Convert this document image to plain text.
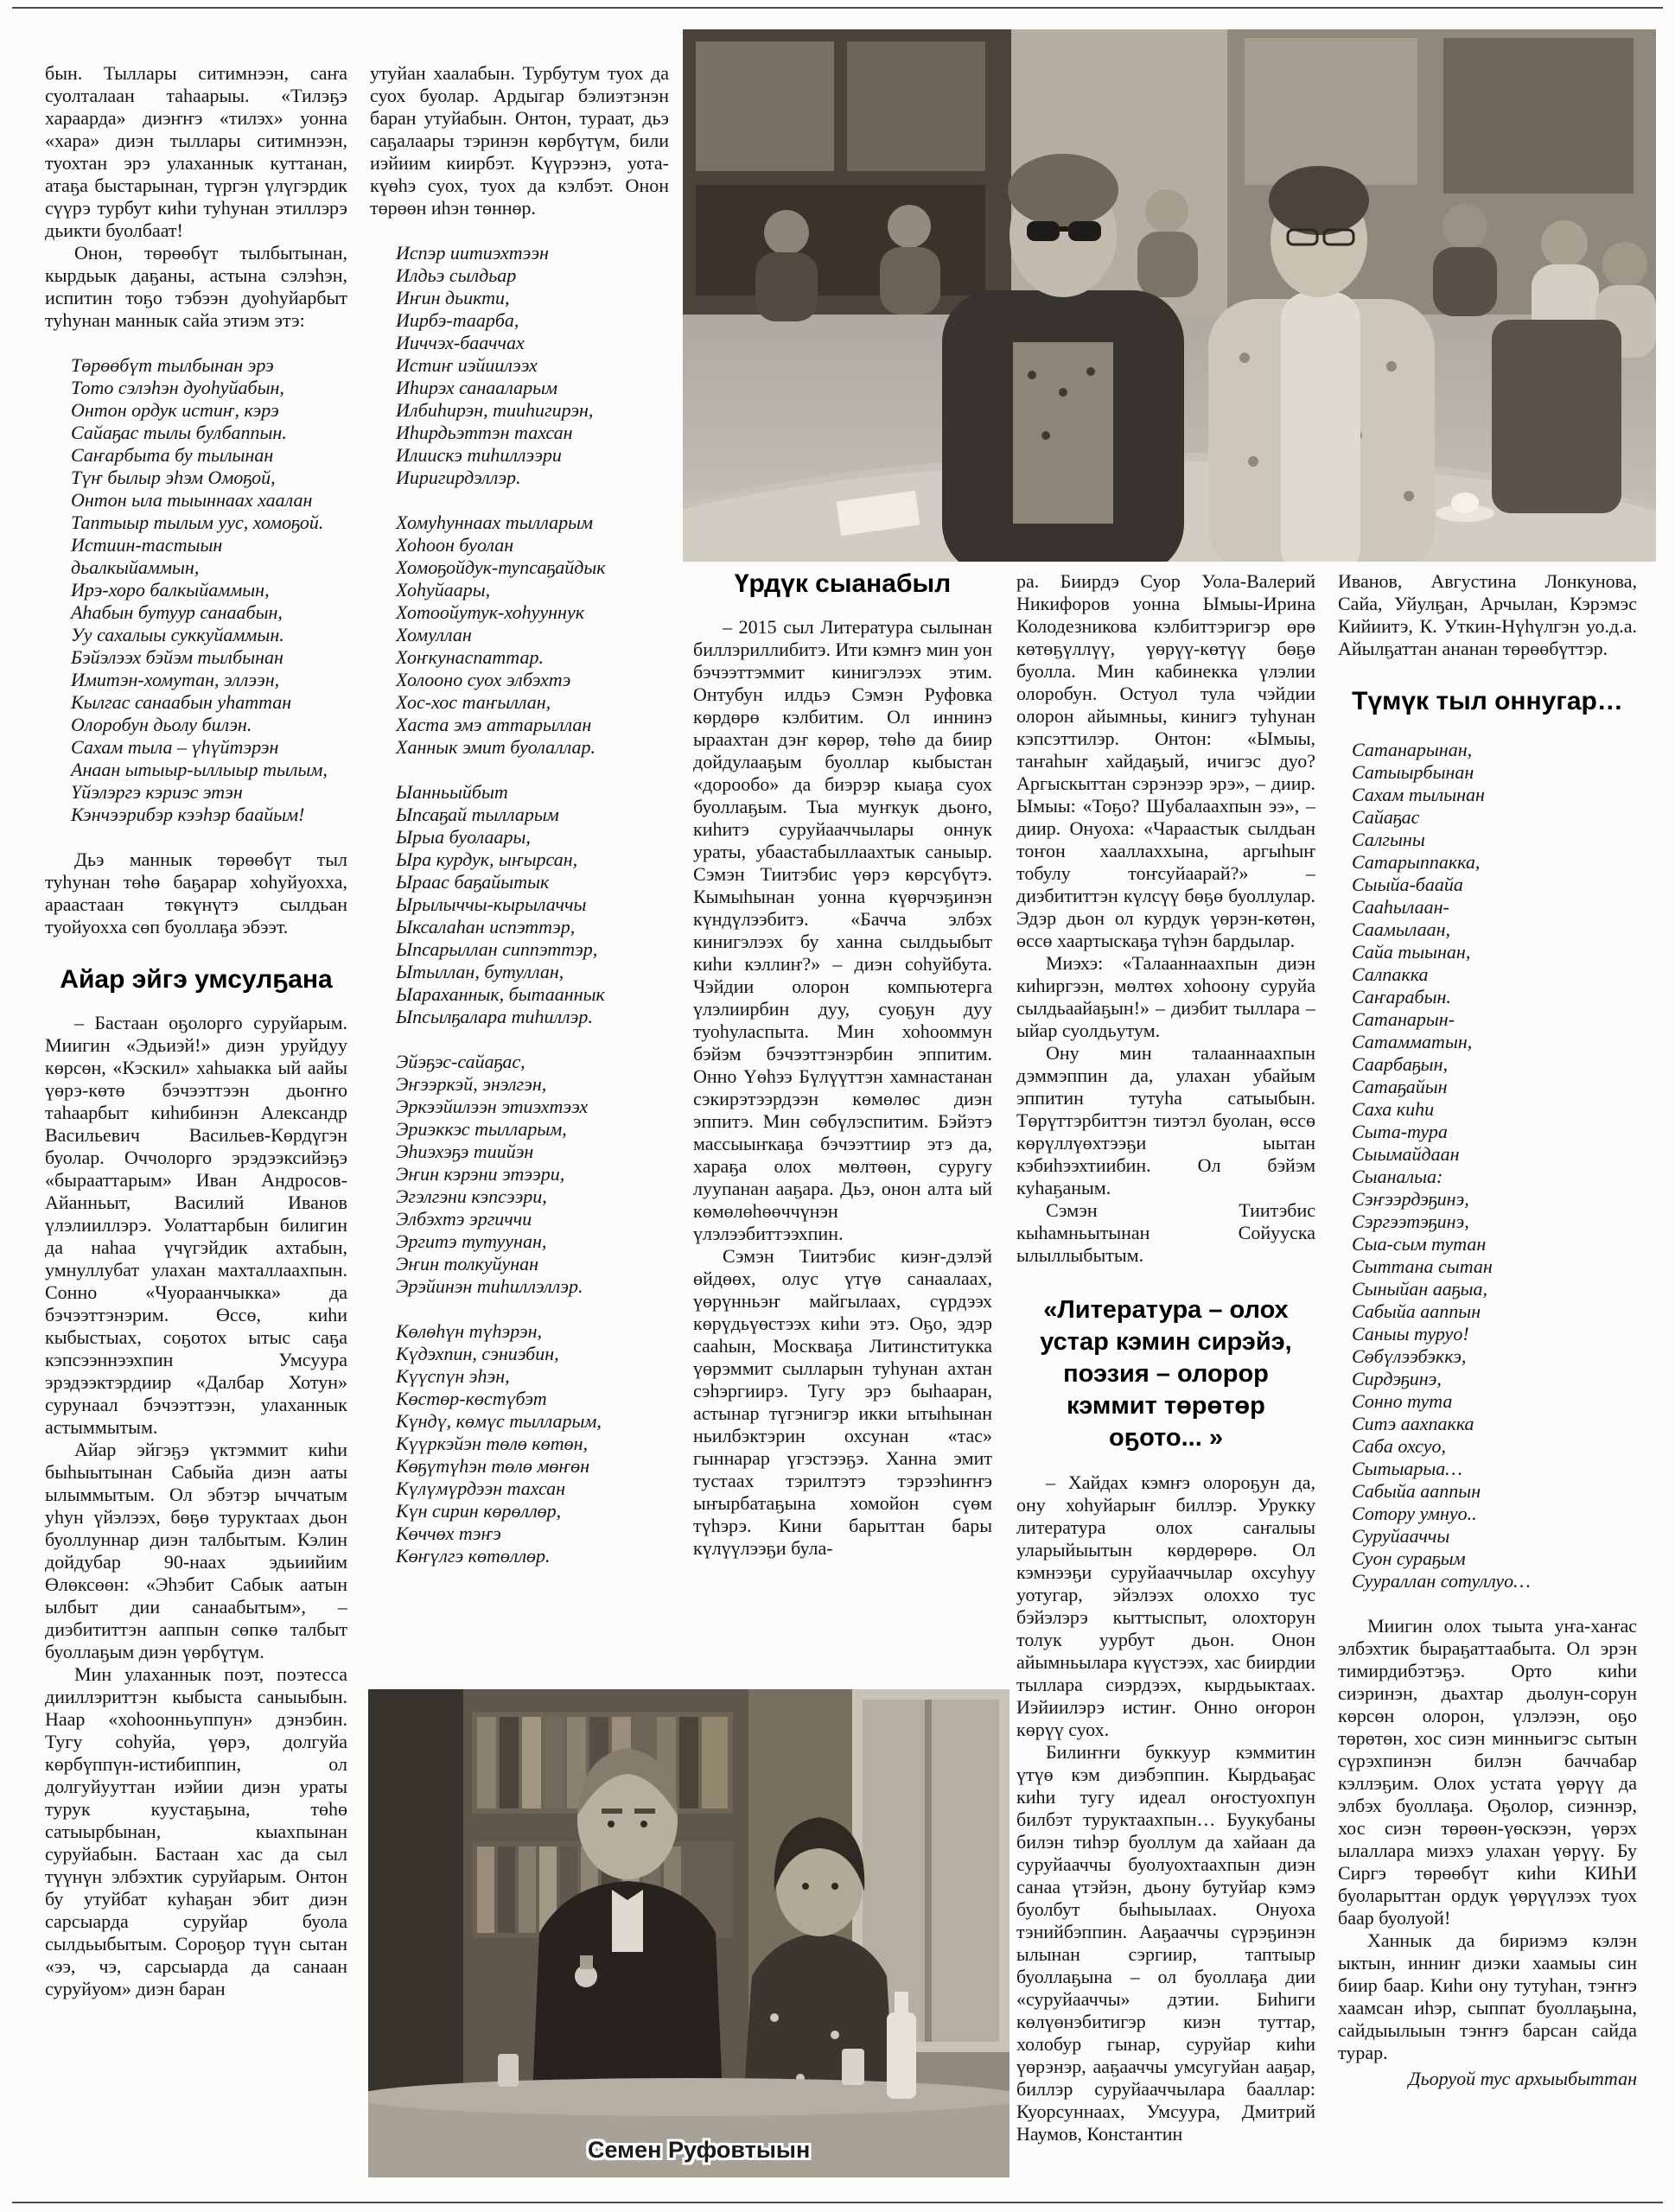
бын. Тыллары ситимнээн, саҥа суолталаан таһаарыы. «Тилэҕэ хараарда» диэҥҥэ «тилэх» уонна «хара» диэн тыллары ситимнээн, туохтан эрэ улаханнык куттанан, атаҕа быстарынан, түргэн үлүгэрдик сүүрэ турбут киһи туһунан этиллэрэ дьикти буолбаат!

Онон, төрөөбүт тылбытынан, кырдьык даҕаны, астына сэлэһэн, испитин тоҕо тэбээн дуоһуйарбыт туһунан маннык сайа этиэм этэ:

Төрөөбүт тылбынан эрэ
Тото сэлэһэн дуоһуйабын,
Онтон ордук истиҥ, кэрэ
Сайаҕас тылы булбаппын.
Саҥарбыта бу тылынан
Түҥ былыр эһэм Омоҕой,
Онтон ыла тыыннаах хаалан
Таптыыр тылым уус, хомоҕой.
Истиин-тастыын дьалкыйаммын,
Ирэ-хоро балкыйаммын,
Аһабын бутуур санаабын,
Уу сахалыы суккуйаммын.
Бэйэлээх бэйэм тылбынан
Имитэн-хомутан, эллээн,
Кылгас санаабын уһаттан
Олоробун дьолу билэн.
Сахам тыла – үһүйтэрэн
Анаан ытыыр-ыллыыр тылым,
Үйэлэргэ кэриэс этэн
Кэнчээрибэр кээһэр баайым!

Дьэ маннык төрөөбүт тыл туһунан төһө баҕарар хоһуйуохха, араастаан төкүнүтэ сылдьан туойуохха сөп буоллаҕа эбээт.

Айар эйгэ умсулҕана

– Бастаан оҕолорго суруйарым. Миигин «Эдьиэй!» диэн уруйдуу көрсөн, «Кэскил» хаһыакка ый аайы үөрэ-көтө бэчээттээн дьоҥҥо таһаарбыт киһибинэн Александр Васильевич Васильев-Көрдүгэн буолар. Оччолорго эрэдээксийэҕэ «бырааттарым» Иван Андросов-Айанньыт, Василий Иванов үлэлииллэрэ. Уолаттарбын билигин да наһаа үчүгэйдик ахтабын, умнуллубат улахан махталлаахпын. Сонно «Чуораанчыкка» да бэчээттэнэрим. Өссө, киһи кыбыстыах, соҕотох ытыс саҕа кэпсээннээхпин Умсуура эрэдээктэрдиир «Далбар Хотун» сурунаал бэчээттээн, улаханнык астыммытым.

Айар эйгэҕэ үктэммит киһи быһыытынан Сабыйа диэн ааты ылыммытым. Ол эбэтэр ыччатым уһун үйэлээх, бөҕө туруктаах дьон буоллуннар диэн талбытым. Кэлин дойдубар 90-наах эдьиийим Өлөксөөн: «Эһэбит Сабык аатын ылбыт дии санаабытым», – диэбититтэн ааппын сөпкө талбыт буоллаҕым диэн үөрбүтүм.

Мин улаханнык поэт, поэтесса дииллэриттэн кыбыста саныыбын. Наар «хоһоонньуппун» дэнэбин. Тугу соһуйа, үөрэ, долгуйа көрбүппүн-истибиппин, ол долгуйууттан иэйии диэн ураты турук куустаҕына, төһө сатыырбынан, кыахпынан суруйабын. Бастаан хас да сыл түүнүн элбэхтик суруйарым. Онтон бу утуйбат куһаҕан эбит диэн сарсыарда суруйар буола сылдьыбытым. Сороҕор түүн сытан «ээ, чэ, сарсыарда да санаан суруйуом» диэн баран

утуйан хаалабын. Турбутум туох да суох буолар. Ардыгар бэлиэтэнэн баран утуйабын. Онтон, тураат, дьэ саҕалаары тэринэн көрбүтүм, били иэйиим киирбэт. Күүрээнэ, уота-күөһэ суох, туох да кэлбэт. Онон төрөөн иһэн төннөр.

Испэр иитиэхтээн
Илдьэ сылдьар
Иҥин дьикти,
Иирбэ-таарба,
Ииччэх-бааччах
Истиҥ иэйиилээх
Иһирэх санааларым
Илбиһирэн, тииһигирэн,
Иһирдьэттэн тахсан
Илиискэ тиһиллээри
Ииригирдэллэр.
Хомуһуннаах тылларым
Хоһоон буолан
Хомоҕойдук-тупсаҕайдык
Хоһуйаары,
Хотоойутук-хоһууннук
Хомуллан
Хоҥкунаспаттар.
Холооно суох элбэхтэ
Хос-хос таҥыллан,
Хаста эмэ аттарыллан
Ханнык эмит буолаллар.
Ыанньыйбыт
Ыпсаҕай тылларым
Ырыа буолаары,
Ыра курдук, ыҥырсан,
Ыраас баҕайытык
Ырылыччы-кырылаччы
Ыксалаһан испэттэр,
Ыпсарыллан сиппэттэр,
Ытыллан, бутуллан,
Ыараханнык, бытааннык
Ыпсылҕалара тиһиллэр.
Эйэҕэс-сайаҕас,
Эҥээркэй, энэлгэн,
Эркээйилээн этиэхтээх
Эриэккэс тылларым,
Эһиэхэҕэ тиийэн
Эҥин кэрэни этээри,
Эгэлгэни кэпсээри,
Элбэхтэ эргиччи
Эргитэ тутуунан,
Эҥин толкуйунан
Эрэйинэн тиһиллэллэр.
Көлөһүн түһэрэн,
Күдэхпин, сэниэбин,
Күүспүн эһэн,
Көстөр-көстүбэт
Күндү, көмүс тылларым,
Күүркэйэн төлө көтөн,
Көҕүтүһэн төлө мөҥөн
Күлүмүрдээн тахсан
Күн сирин көрөллөр,
Көччөх тэҥэ
Көҥүлгэ көтөллөр.
Үрдүк сыанабыл

– 2015 сыл Литература сылынан биллэриллибитэ. Ити кэмҥэ мин уон бэчээттэммит кинигэлээх этим. Онтубун илдьэ Сэмэн Руфовка көрдөрө кэлбитим. Ол иннинэ ыраахтан дэҥ көрөр, төһө да биир дойдулааҕым буоллар кыбыстан «дорообо» да биэрэр кыаҕа суох буоллаҕым. Тыа муҥкук дьоҥо, киһитэ суруйааччылары оннук ураты, убаастабыллаахтык саныыр. Сэмэн Тиитэбис үөрэ көрсүбүтэ. Кымыһынан уонна күөрчэҕинэн күндүлээбитэ. «Бачча элбэх кинигэлээх бу ханна сылдьыбыт киһи кэллиҥ?» – диэн соһуйбута. Чэйдии олорон компьютерга үлэлиирбин дуу, суоҕун дуу туоһуласпыта. Мин хоһооммун бэйэм бэчээттэнэрбин эппитим. Онно Үөһээ Бүлүүттэн хамнастанан сэкирэтээрдээн көмөлөс диэн эппитэ. Мин сөбүлэспитим. Бэйэтэ массыыҥкаҕа бэчээттиир этэ да, хараҕа олох мөлтөөн, суругу луупанан ааҕара. Дьэ, онон алта ый көмөлөһөөччүнэн үлэлээбиттээхпин.

Сэмэн Тиитэбис киэҥ-дэлэй өйдөөх, олус үтүө санаалаах, үөрүнньэҥ майгылаах, сүрдээх көрүдьүөстээх киһи этэ. Оҕо, эдэр сааһын, Москваҕа Литинститукка үөрэммит сылларын туһунан ахтан сэһэргиирэ. Тугу эрэ быһааран, астынар түгэнигэр икки ытыһынан ньилбэктэрин охсунан «тас» гыннарар үгэстээҕэ. Ханна эмит тустаах тэрилтэтэ тэрээһиҥҥэ ыҥырбатаҕына хомойон сүөм түһэрэ. Кини барыттан бары күлүүлээҕи була-

ра. Биирдэ Суор Уола-Валерий Никифоров уонна Ымыы-Ирина Колодезникова кэлбиттэригэр өрө көтөҕүллүү, үөрүү-көтүү бөҕө буолла. Мин кабинекка үлэлии олоробун. Остуол тула чэйдии олорон айымньы, кинигэ туһунан кэпсэттилэр. Онтон: «Ымыы, таҥаһыҥ хайдаҕый, ичигэс дуо? Аргыскыттан сэрэнээр эрэ», – диир. Ымыы: «Тоҕо? Шубалаахпын ээ», – диир. Онуоха: «Чараастык сылдьан тоҥон хааллаххына, аргыһыҥ тобулу тоҥсуйаарай?» – диэбититтэн күлсүү бөҕө буоллулар. Эдэр дьон ол курдук үөрэн-көтөн, өссө хаартыскаҕа түһэн бардылар.

Миэхэ: «Талааннаахпын диэн киһиргээн, мөлтөх хоһоону суруйа сылдьаайаҕын!» – диэбит тыллара – ыйар суолдьутум.

Ону мин талааннаахпын дэммэппин да, улахан убайым эппитин тутуһа сатыыбын. Төрүттэрбиттэн тиэтэл буолан, өссө көрүллүөхтээҕи ыытан кэбиһээхтиибин. Ол бэйэм куһаҕаным.

Сэмэн Тиитэбис кыһамньытынан Сойууска ылыллыбытым.

«Литература – олох устар кэмин сирэйэ, поэзия – олорор кэммит төрөтөр оҕото... »

– Хайдах кэмҥэ олороҕун да, ону хоһуйарыҥ биллэр. Урукку литература олох саҥалыы уларыйыытын көрдөрөрө. Ол кэмнээҕи суруйааччылар охсуһуу уотугар, эйэлээх олоххо тус бэйэлэрэ кыттыспыт, олохторун толук уурбут дьон. Онон айымньылара күүстээх, хас биирдии тыллара сиэрдээх, кырдьыктаах. Иэйиилэрэ истиҥ. Онно оҥорон көрүү суох.

Билиҥҥи буккуур кэммитин үтүө кэм диэбэппин. Кырдьаҕас киһи тугу идеал оҥостуохпун билбэт туруктаахпын… Буукубаны билэн тиһэр буоллум да хайаан да суруйааччы буолуохтаахпын диэн санаа үтэйэн, дьону бутуйар кэмэ буолбут быһыылаах. Онуоха тэнийбэппин. Ааҕааччы сүрэҕинэн ылынан сэргиир, таптыыр буоллаҕына – ол буоллаҕа дии «суруйааччы» дэтии. Биһиги көлүөнэбитигэр киэн туттар, холобур гынар, суруйар киһи үөрэнэр, ааҕааччы умсугуйан ааҕар, биллэр суруйааччылара бааллар: Куорсуннаах, Умсуура, Дмитрий Наумов, Константин

Иванов, Августина Лонкунова, Сайа, Уйулҕан, Арчылан, Кэрэмэс Кийиитэ, К. Уткин-Нүһүлгэн уо.д.а. Айылҕаттан ананан төрөөбүттэр.

Түмүк тыл оннугар…
Сатанарынан,
Сатыырбынан
Сахам тылынан
Сайаҕас
Салгыны
Сатарыппакка,
Сыыйа-баайа
Сааһылаан-
Саамылаан,
Сайа тыынан,
Салпакка
Саҥарабын.
Сатанарын-
Сатамматын,
Саарбаҕын,
Сатаҕайын
Саха киһи
Сыта-тура
Сыымайдаан
Сыаналыа:
Сэҥээрдэҕинэ,
Сэргээтэҕинэ,
Сыа-сым тутан
Сыттана сытан
Сыныйан ааҕыа,
Сабыйа ааппын
Саныы туруо!
Сөбүлээбэккэ,
Сирдэҕинэ,
Сонно тута
Ситэ аахпакка
Саба охсуо,
Сытыарыа…
Сабыйа ааппын
Сотору умнуо..
Суруйааччы
Суон сураҕым
Суураллан сотуллуо…

Миигин олох тыыта уҥа-хаҥас элбэхтик быраҕаттаабыта. Ол эрэн тимирдибэтэҕэ. Орто киһи сиэринэн, дьахтар дьолун-сорун көрсөн олорон, үлэлээн, оҕо төрөтөн, хос сиэн минньигэс сытын сүрэхпинэн билэн баччабар кэллэҕим. Олох устата үөрүү да элбэх буоллаҕа. Оҕолор, сиэннэр, хос сиэн төрөөн-үөскээн, үөрэх ылаллара миэхэ улахан үөрүү. Бу Сиргэ төрөөбүт киһи КИҺИ буоларыттан ордук үөрүүлээх туох баар буолуой!

Ханнык да бириэмэ кэлэн ыктын, инниҥ диэки хаамыы син биир баар. Киһи ону тутуһан, тэҥҥэ хаамсан иһэр, сыппат буоллаҕына, сайдыылыын тэҥҥэ барсан сайда турар.

Дьоруой тус архыыбыттан

Семен Руфовтыын
